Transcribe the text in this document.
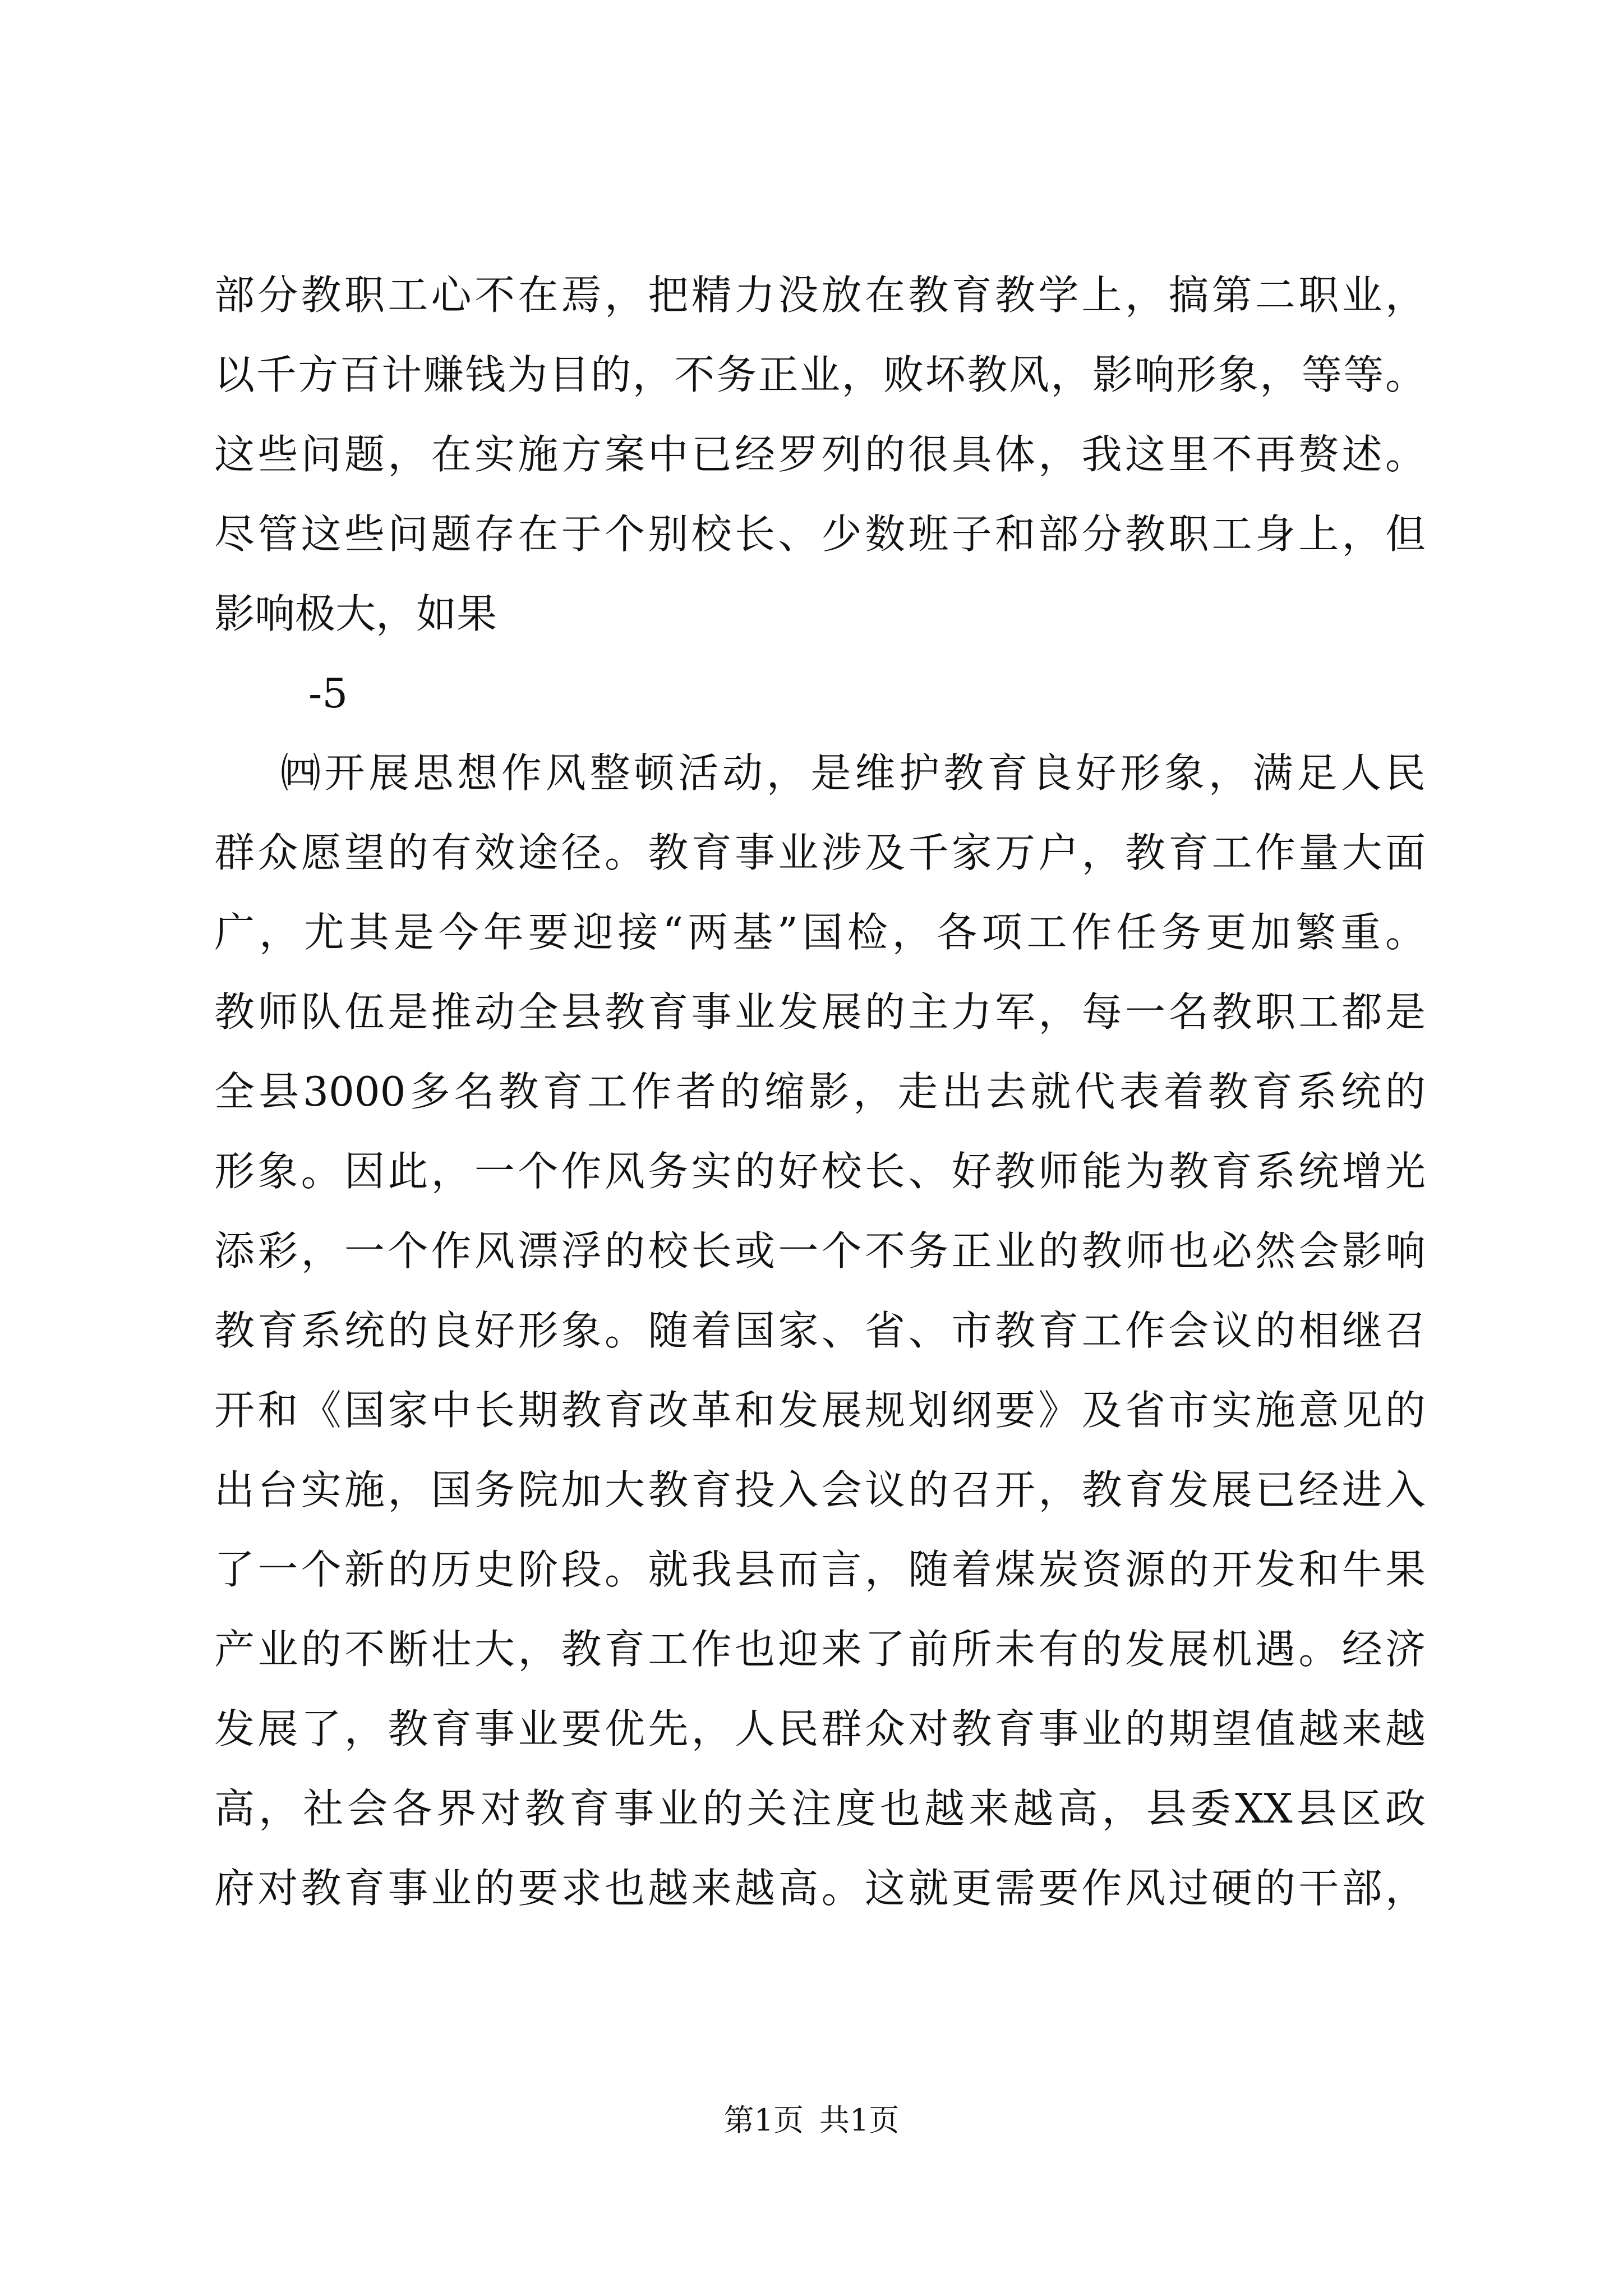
部分教职工心不在焉，把精力没放在教育教学上，搞第二职业，
以千方百计赚钱为目的，不务正业，败坏教风，影响形象，等等。
这些问题，在实施方案中已经罗列的很具体，我这里不再赘述。
尽管这些问题存在于个别校长、少数班子和部分教职工身上，但
影响极大，如果
-5
㈣开展思想作风整顿活动，是维护教育良好形象，满足人民
群众愿望的有效途径。教育事业涉及千家万户，教育工作量大面
广，尤其是今年要迎接“两基”国检，各项工作任务更加繁重。
教师队伍是推动全县教育事业发展的主力军，每一名教职工都是
全县3000多名教育工作者的缩影，走出去就代表着教育系统的
形象。因此，一个作风务实的好校长、好教师能为教育系统增光
添彩，一个作风漂浮的校长或一个不务正业的教师也必然会影响
教育系统的良好形象。随着国家、省、市教育工作会议的相继召
开和《国家中长期教育改革和发展规划纲要》及省市实施意见的
出台实施，国务院加大教育投入会议的召开，教育发展已经进入
了一个新的历史阶段。就我县而言，随着煤炭资源的开发和牛果
产业的不断壮大，教育工作也迎来了前所未有的发展机遇。经济
发展了，教育事业要优先，人民群众对教育事业的期望值越来越
高，社会各界对教育事业的关注度也越来越高，县委XX县区政
府对教育事业的要求也越来越高。这就更需要作风过硬的干部，
第1页 共1页
